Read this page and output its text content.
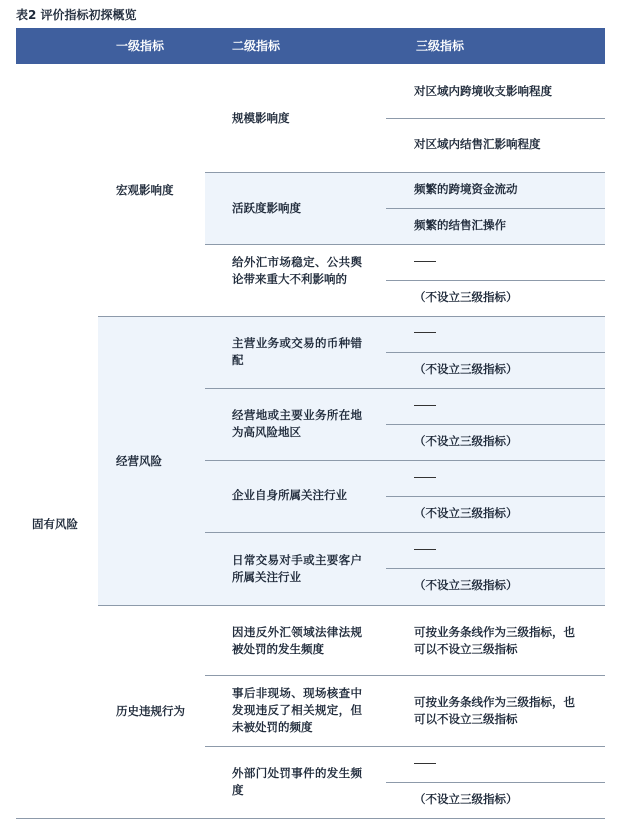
表2 评价指标初探概览
一级指标	二级指标	三级指标
固有风险
宏观影响度
规模影响度
对区域内跨境收支影响程度
对区域内结售汇影响程度
活跃度影响度
频繁的跨境资金流动
频繁的结售汇操作
给外汇市场稳定、公共舆论带来重大不利影响的
（不设立三级指标）
经营风险
主营业务或交易的币种错配
（不设立三级指标）
经营地或主要业务所在地为高风险地区
（不设立三级指标）
企业自身所属关注行业
（不设立三级指标）
日常交易对手或主要客户所属关注行业
（不设立三级指标）
历史违规行为
因违反外汇领域法律法规被处罚的发生频度
可按业务条线作为三级指标，也可以不设立三级指标
事后非现场、现场核查中发现违反了相关规定，但未被处罚的频度
可按业务条线作为三级指标，也可以不设立三级指标
外部门处罚事件的发生频度
（不设立三级指标）
